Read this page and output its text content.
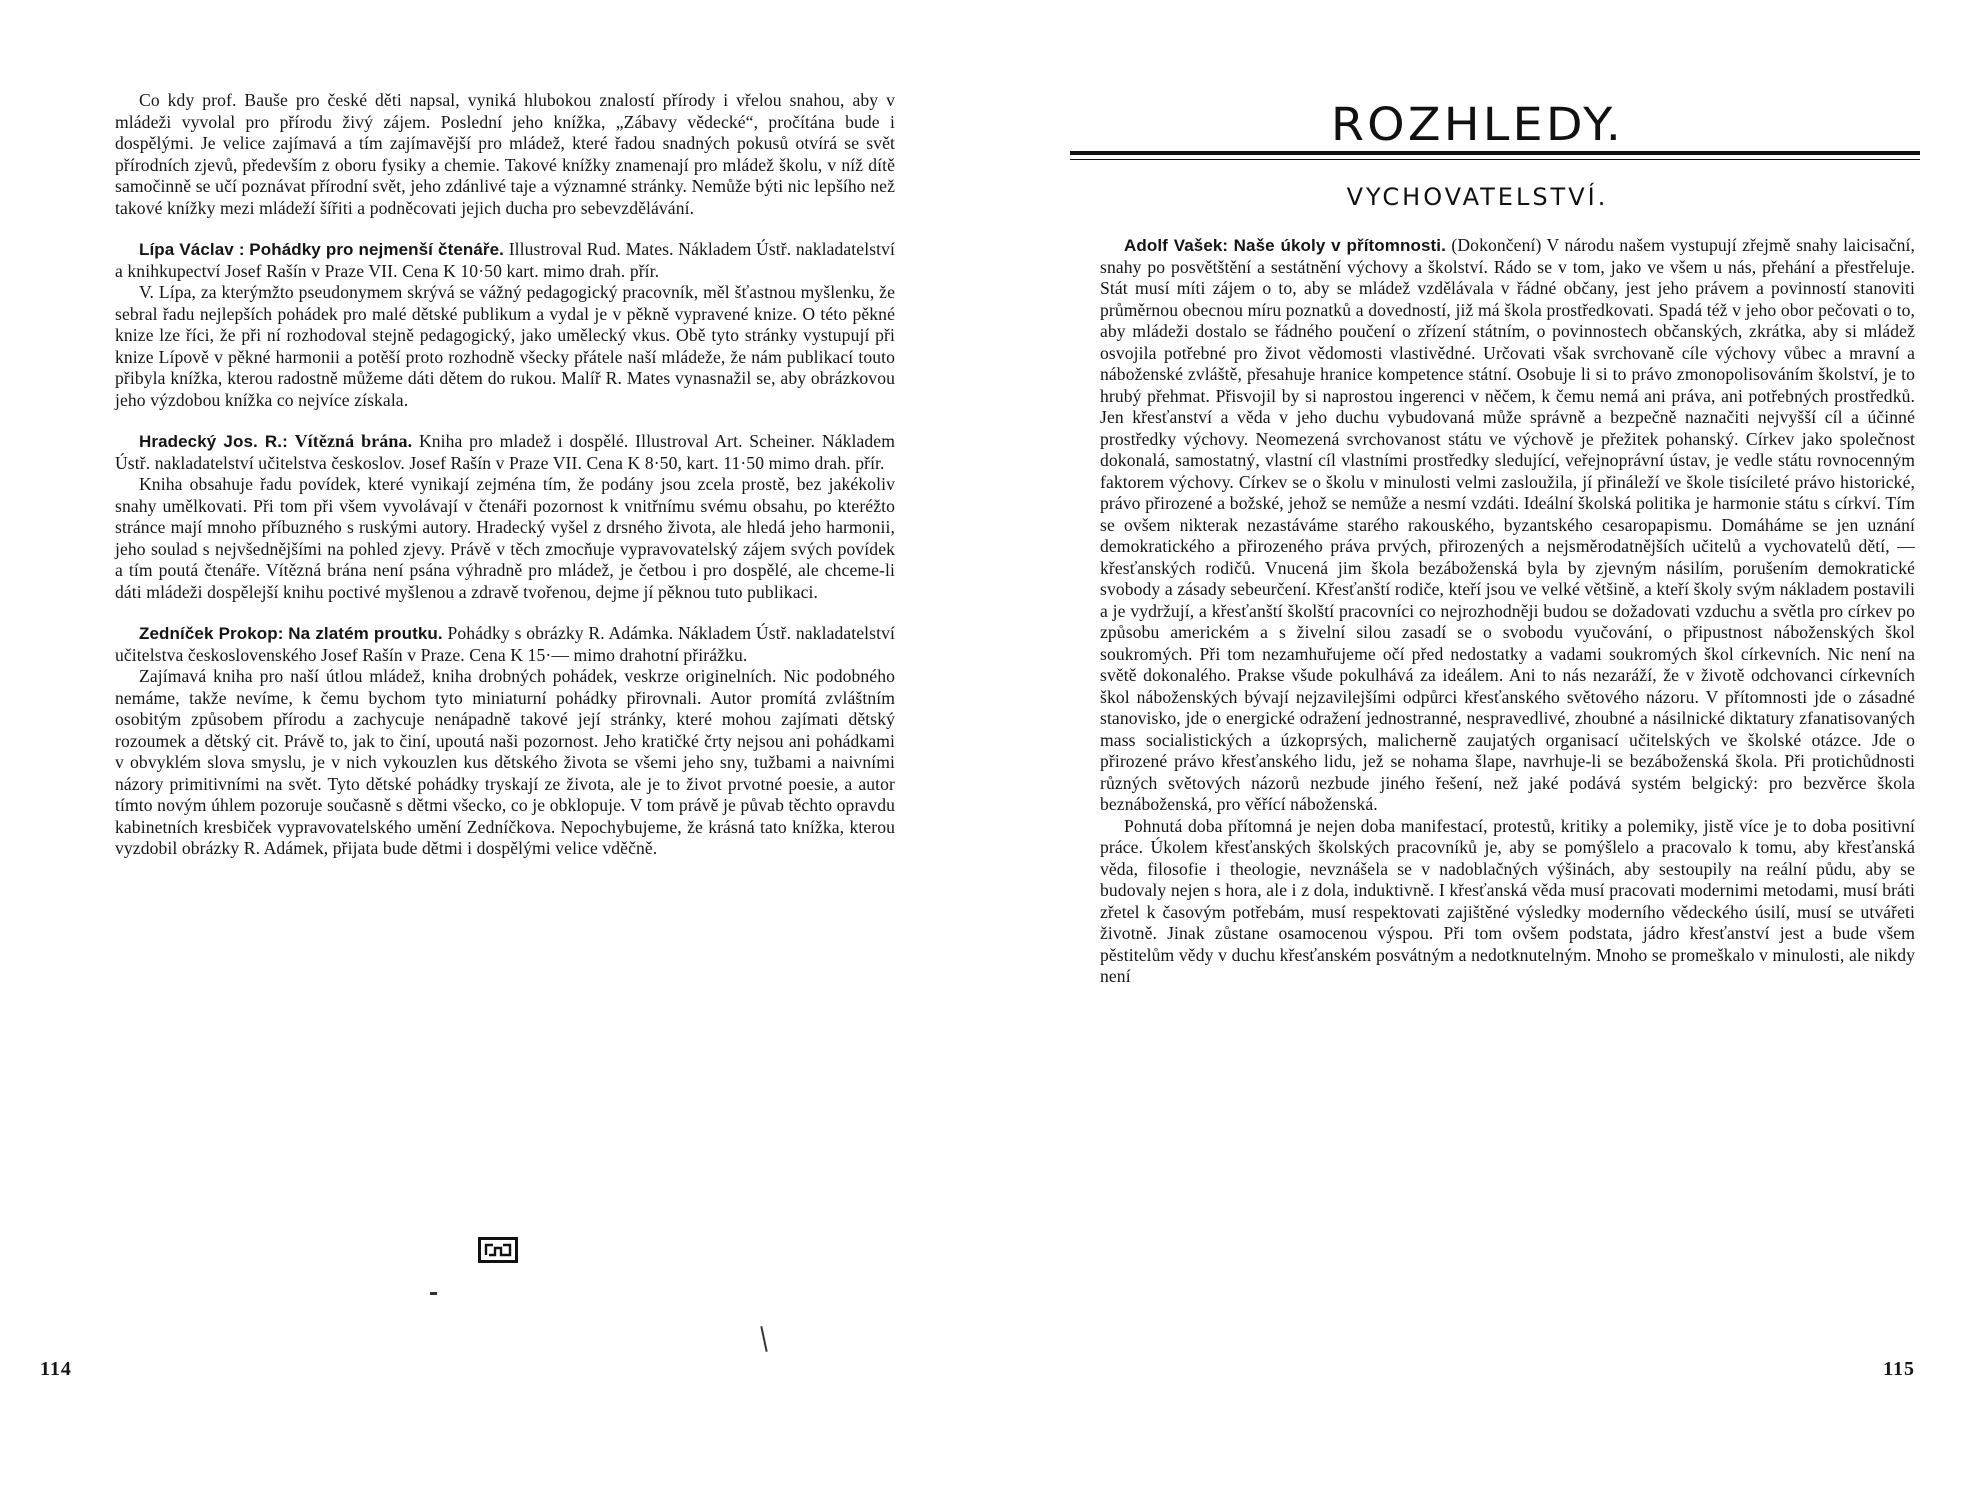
Co kdy prof. Bauše pro české děti napsal, vyniká hlubokou znalostí přírody i vřelou snahou, aby v mládeži vyvolal pro přírodu živý zájem. Poslední jeho knížka, „Zábavy vědecké“, pročítána bude i dospělými. Je velice zajímavá a tím zajímavější pro mládež, které řadou snadných pokusů otvírá se svět přírodních zjevů, především z oboru fysiky a chemie. Takové knížky znamenají pro mládež školu, v níž dítě samočinně se učí poznávat přírodní svět, jeho zdánlivé taje a významné stránky. Nemůže býti nic lepšího než takové knížky mezi mládeží šířiti a podněcovati jejich ducha pro sebevzdělávání.

Lípa Václav : Pohádky pro nejmenší čtenáře. Illustroval Rud. Mates. Nákladem Ústř. nakladatelství a knihkupectví Josef Rašín v Praze VII. Cena K 10·50 kart. mimo drah. přír.

V. Lípa, za kterýmžto pseudonymem skrývá se vážný pedagogický pracovník, měl šťastnou myšlenku, že sebral řadu nejlepších pohádek pro malé dětské publikum a vydal je v pěkně vypravené knize. O této pěkné knize lze říci, že při ní rozhodoval stejně pedagogický, jako umělecký vkus. Obě tyto stránky vystupují při knize Lípově v pěkné harmonii a potěší proto rozhodně všecky přátele naší mládeže, že nám publikací touto přibyla knížka, kterou radostně můžeme dáti dětem do rukou. Malíř R. Mates vynasnažil se, aby obrázkovou jeho výzdobou knížka co nejvíce získala.

Hradecký Jos. R.: Vítězná brána. Kniha pro mladež i dospělé. Illustroval Art. Scheiner. Nákladem Ústř. nakladatelství učitelstva českoslov. Josef Rašín v Praze VII. Cena K 8·50, kart. 11·50 mimo drah. přír.

Kniha obsahuje řadu povídek, které vynikají zejména tím, že podány jsou zcela prostě, bez jakékoliv snahy umělkovati. Při tom při všem vyvolávají v čtenáři pozornost k vnitřnímu svému obsahu, po kteréžto stránce mají mnoho příbuzného s ruskými autory. Hradecký vyšel z drsného života, ale hledá jeho harmonii, jeho soulad s nejvšednějšími na pohled zjevy. Právě v těch zmocňuje vypravovatelský zájem svých povídek a tím poutá čtenáře. Vítězná brána není psána výhradně pro mládež, je četbou i pro dospělé, ale chceme-li dáti mládeži dospělejší knihu poctivé myšlenou a zdravě tvořenou, dejme jí pěknou tuto publikaci.

Zedníček Prokop: Na zlatém proutku. Pohádky s obrázky R. Adámka. Nákladem Ústř. nakladatelství učitelstva československého Josef Rašín v Praze. Cena K 15·— mimo drahotní přirážku.

Zajímavá kniha pro naší útlou mládež, kniha drobných pohádek, veskrze originelních. Nic podobného nemáme, takže nevíme, k čemu bychom tyto miniaturní pohádky přirovnali. Autor promítá zvláštním osobitým způsobem přírodu a zachycuje nenápadně takové její stránky, které mohou zajímati dětský rozoumek a dětský cit. Právě to, jak to činí, upoutá naši pozornost. Jeho kratičké črty nejsou ani pohádkami v obvyklém slova smyslu, je v nich vykouzlen kus dětského života se všemi jeho sny, tužbami a naivními názory primitivními na svět. Tyto dětské pohádky tryskají ze života, ale je to život prvotné poesie, a autor tímto novým úhlem pozoruje současně s dětmi všecko, co je obklopuje. V tom právě je půvab těchto opravdu kabinetních kresbiček vypravovatelského umění Zedníčkova. Nepochybujeme, že krásná tato knížka, kterou vyzdobil obrázky R. Adámek, přijata bude dětmi i dospělými velice vděčně.

114
ROZHLEDY.
VYCHOVATELSTVÍ.

Adolf Vašek: Naše úkoly v přítomnosti. (Dokončení) V národu našem vystupují zřejmě snahy laicisační, snahy po posvětštění a sestátnění výchovy a školství. Rádo se v tom, jako ve všem u nás, přehání a přestřeluje. Stát musí míti zájem o to, aby se mládež vzdělávala v řádné občany, jest jeho právem a povinností stanoviti průměrnou obecnou míru poznatků a dovedností, již má škola prostředkovati. Spadá též v jeho obor pečovati o to, aby mládeži dostalo se řádného poučení o zřízení státním, o povinnostech občanských, zkrátka, aby si mládež osvojila potřebné pro život vědomosti vlastivědné. Určovati však svrchovaně cíle výchovy vůbec a mravní a náboženské zvláště, přesahuje hranice kompetence státní. Osobuje li si to právo zmonopolisováním školství, je to hrubý přehmat. Přisvojil by si naprostou ingerenci v něčem, k čemu nemá ani práva, ani potřebných prostředků. Jen křesťanství a věda v jeho duchu vybudovaná může správně a bezpečně naznačiti nejvyšší cíl a účinné prostředky výchovy. Neomezená svrchovanost státu ve výchově je přežitek pohanský. Církev jako společnost dokonalá, samostatný, vlastní cíl vlastními prostředky sledující, veřejnoprávní ústav, je vedle státu rovnocenným faktorem výchovy. Církev se o školu v minulosti velmi zasloužila, jí přináleží ve škole tisícileté právo historické, právo přirozené a božské, jehož se nemůže a nesmí vzdáti. Ideální školská politika je harmonie státu s církví. Tím se ovšem nikterak nezastáváme starého rakouského, byzantského cesaropapismu. Domáháme se jen uznání demokratického a přirozeného práva prvých, přirozených a nejsměrodatnějších učitelů a vychovatelů dětí, — křesťanských rodičů. Vnucená jim škola bezáboženská byla by zjevným násilím, porušením demokratické svobody a zásady sebeurčení. Křesťanští rodiče, kteří jsou ve velké většině, a kteří školy svým nákladem postavili a je vydržují, a křesťanští školští pracovníci co nejrozhodněji budou se dožadovati vzduchu a světla pro církev po způsobu americkém a s živelní silou zasadí se o svobodu vyučování, o připustnost náboženských škol soukromých. Při tom nezamhuřujeme očí před nedostatky a vadami soukromých škol církevních. Nic není na světě dokonalého. Prakse všude pokulhává za ideálem. Ani to nás nezaráží, že v životě odchovanci církevních škol náboženských bývají nejzavilejšími odpůrci křesťanského světového názoru. V přítomnosti jde o zásadné stanovisko, jde o energické odražení jednostranné, nespravedlivé, zhoubné a násilnické diktatury zfanatisovaných mass socialistických a úzkoprsých, malicherně zaujatých organisací učitelských ve školské otázce. Jde o přirozené právo křesťanského lidu, jež se nohama šlape, navrhuje-li se bezáboženská škola. Při protichůdnosti různých světových názorů nezbude jiného řešení, než jaké podává systém belgický: pro bezvěrce škola beznáboženská, pro věřící náboženská.

Pohnutá doba přítomná je nejen doba manifestací, protestů, kritiky a polemiky, jistě více je to doba positivní práce. Úkolem křesťanských školských pracovníků je, aby se pomýšlelo a pracovalo k tomu, aby křesťanská věda, filosofie i theologie, nevznášela se v nadoblačných výšinách, aby sestoupily na reální půdu, aby se budovaly nejen s hora, ale i z dola, induktivně. I křesťanská věda musí pracovati modernimi metodami, musí bráti zřetel k časovým potřebám, musí respektovati zajištěné výsledky moderního vědeckého úsilí, musí se utvářeti životně. Jinak zůstane osamocenou výspou. Při tom ovšem podstata, jádro křesťanství jest a bude všem pěstitelům vědy v duchu křesťanském posvátným a nedotknutelným. Mnoho se promeškalo v minulosti, ale nikdy není

115
